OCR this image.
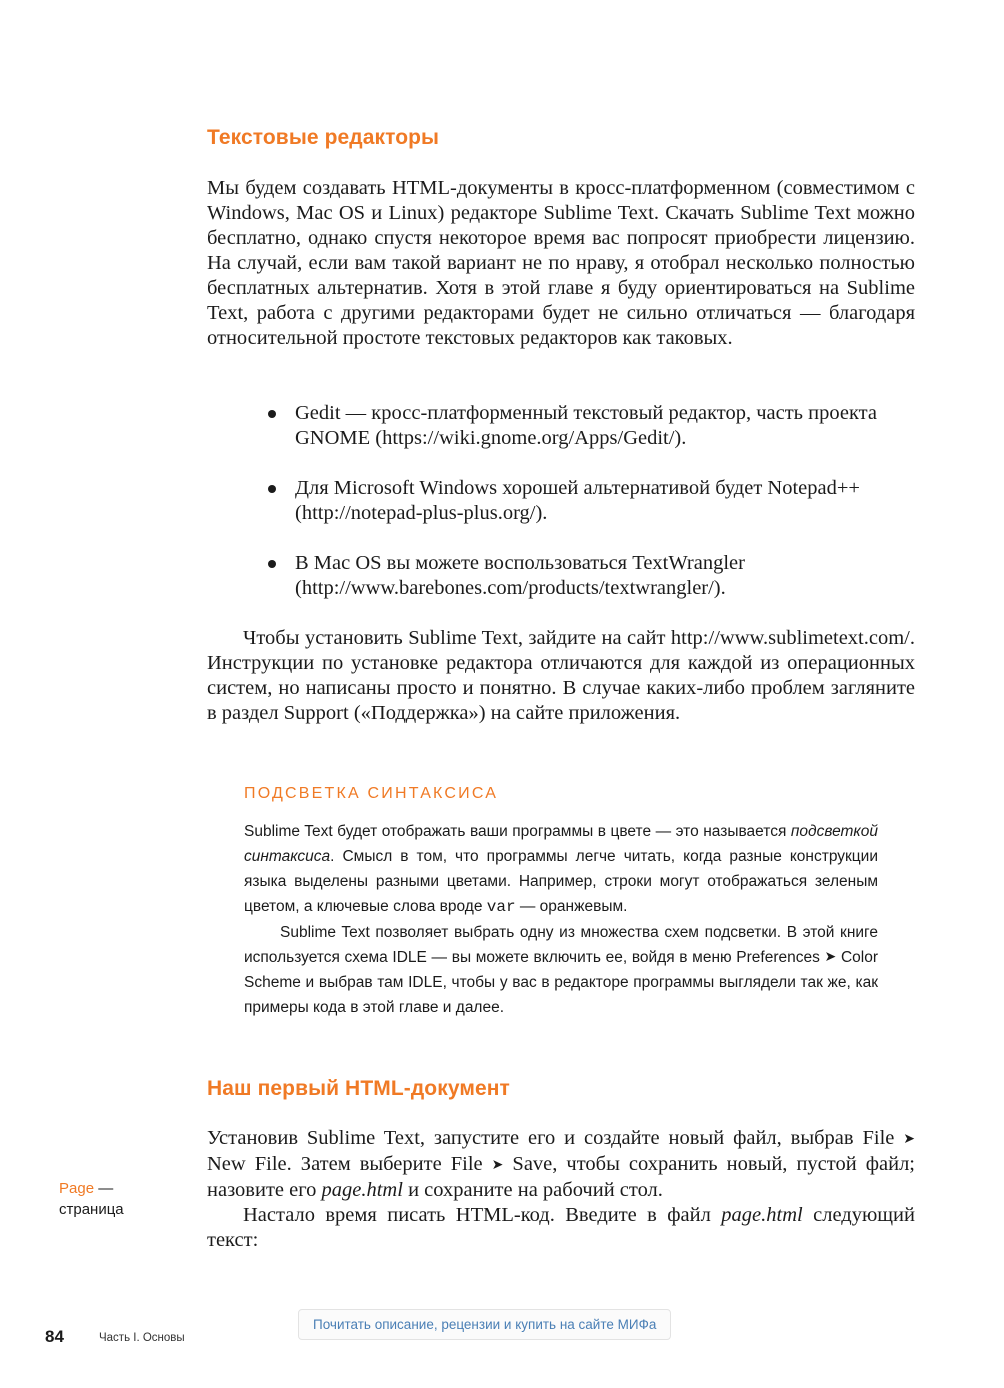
Текстовые редакторы

Мы будем создавать HTML-документы в кросс-платформенном (совместимом с Windows, Mac OS и Linux) редакторе Sublime Text. Скачать Sublime Text можно бесплатно, однако спустя некоторое время вас попросят приобрести лицензию. На случай, если вам такой вариант не по нраву, я отобрал несколько полностью бесплатных альтернатив. Хотя в этой главе я буду ориентироваться на Sublime Text, работа с другими редакторами будет не сильно отличаться — благодаря относительной простоте текстовых редакторов как таковых.

Gedit — кросс-платформенный текстовый редактор, часть проекта GNOME (https://wiki.gnome.org/Apps/Gedit/).
Для Microsoft Windows хорошей альтернативой будет Notepad++ (http://notepad-plus-plus.org/).
В Mac OS вы можете воспользоваться TextWrangler (http://www.barebones.com/products/textwrangler/).

Чтобы установить Sublime Text, зайдите на сайт http://www.sublimetext.com/. Инструкции по установке редактора отличаются для каждой из операционных систем, но написаны просто и понятно. В случае каких-либо проблем загляните в раздел Support («Поддержка») на сайте приложения.

ПОДСВЕТКА СИНТАКСИСА

Sublime Text будет отображать ваши программы в цвете — это называется подсветкой синтаксиса. Смысл в том, что программы легче читать, когда разные конструкции языка выделены разными цветами. Например, строки могут отображаться зеленым цветом, а ключевые слова вроде var — оранжевым.

Sublime Text позволяет выбрать одну из множества схем подсветки. В этой книге используется схема IDLE — вы можете включить ее, войдя в меню Preferences ➤ Color Scheme и выбрав там IDLE, чтобы у вас в редакторе программы выглядели так же, как примеры кода в этой главе и далее.

Наш первый HTML-документ

Установив Sublime Text, запустите его и создайте новый файл, выбрав File ➤ New File. Затем выберите File ➤ Save, чтобы сохранить новый, пустой файл; назовите его page.html и сохраните на рабочий стол.

Настало время писать HTML-код. Введите в файл page.html следующий текст:

Page —
страница
84	Часть I. Основы
Почитать описание, рецензии и купить на сайте МИФа
